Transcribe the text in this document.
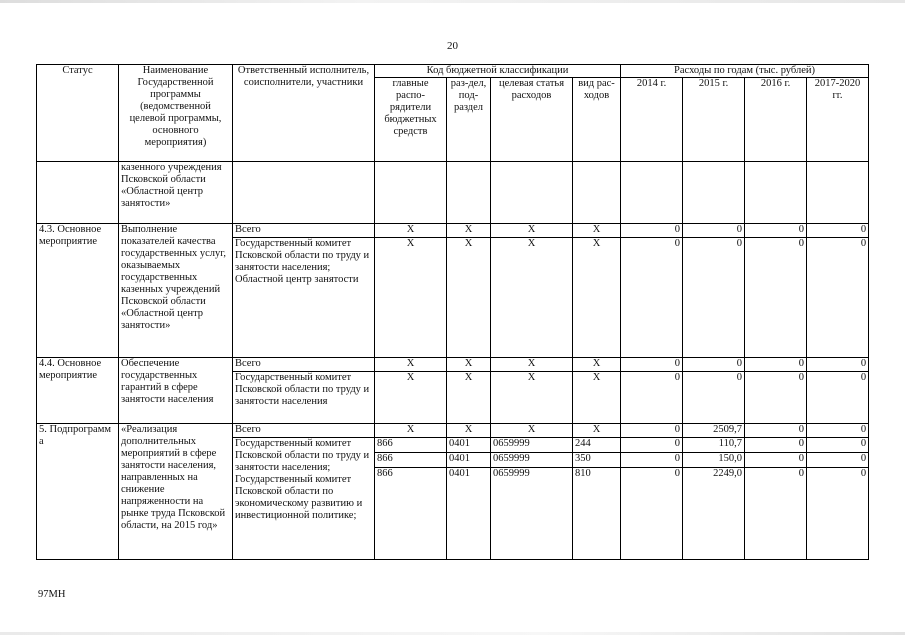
20
Статус	Наименование Государственной программы (ведомственной целевой программы, основного мероприятия)	Ответственный исполнитель, соисполнители, участники	Код бюджетной классификации				Расходы по годам (тыс. рублей)			
			главные распо-рядители бюджетных средств	раз-дел, под-раздел	целевая статья расходов	вид рас-ходов	2014 г.	2015 г.	2016 г.	2017-2020 гг.
	казенного учреждения Псковской области «Областной центр занятости»									
4.3. Основное мероприятие	Выполнение показателей качества государственных услуг, оказываемых государственных казенных учреждений Псковской области «Областной центр занятости»	Всего	X	X	X	X	0	0	0	0
		Государственный комитет Псковской области по труду и занятости населения; Областной центр занятости	X	X	X	X	0	0	0	0
4.4. Основное мероприятие	Обеспечение государственных гарантий в сфере занятости населения	Всего	X	X	X	X	0	0	0	0
		Государственный комитет Псковской области по труду и занятости населения	X	X	X	X	0	0	0	0
5. Подпрограмм а	«Реализация дополнительных мероприятий в сфере занятости населения, направленных на снижение напряженности на рынке труда Псковской области, на 2015 год»	Всего	X	X	X	X	0	2509,7	0	0
		Государственный комитет Псковской области по труду и занятости населения; Государственный комитет Псковской области по экономическому развитию и инвестиционной политике;	866	0401	0659999	244	0	110,7	0	0
			866	0401	0659999	350	0	150,0	0	0
			866	0401	0659999	810	0	2249,0	0	0
97МН
